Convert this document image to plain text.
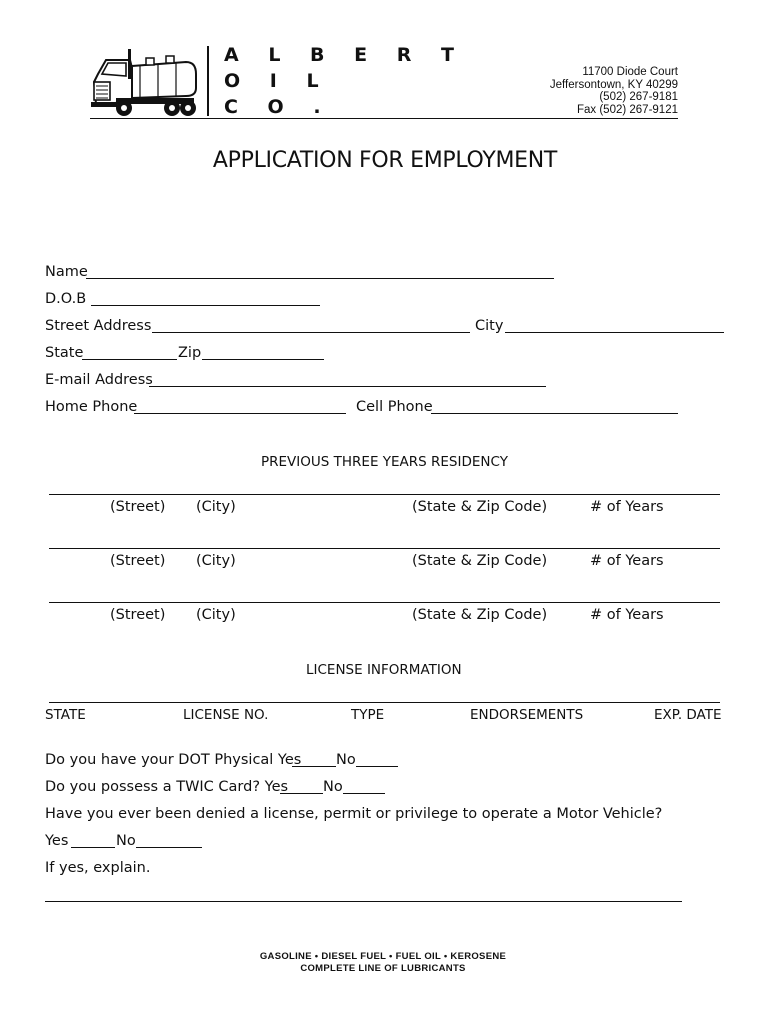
A L B E R T
O I L
C O .
11700 Diode Court
Jeffersontown, KY 40299
(502) 267-9181
Fax (502) 267-9121
APPLICATION FOR EMPLOYMENT
Name
D.O.B
Street Address	City
State	Zip
E-mail Address
Home Phone	Cell Phone
PREVIOUS THREE YEARS RESIDENCY
(Street) (City)	(State & Zip Code)	# of Years
(Street) (City)	(State & Zip Code)	# of Years
(Street) (City)	(State & Zip Code)	# of Years
LICENSE INFORMATION
STATE	LICENSE NO.	TYPE	ENDORSEMENTS	EXP. DATE
Do you have your DOT Physical Yes No
Do you possess a TWIC Card? Yes No
Have you ever been denied a license, permit or privilege to operate a Motor Vehicle?
Yes	No
If yes, explain.
GASOLINE • DIESEL FUEL • FUEL OIL • KEROSENE
COMPLETE LINE OF LUBRICANTS
